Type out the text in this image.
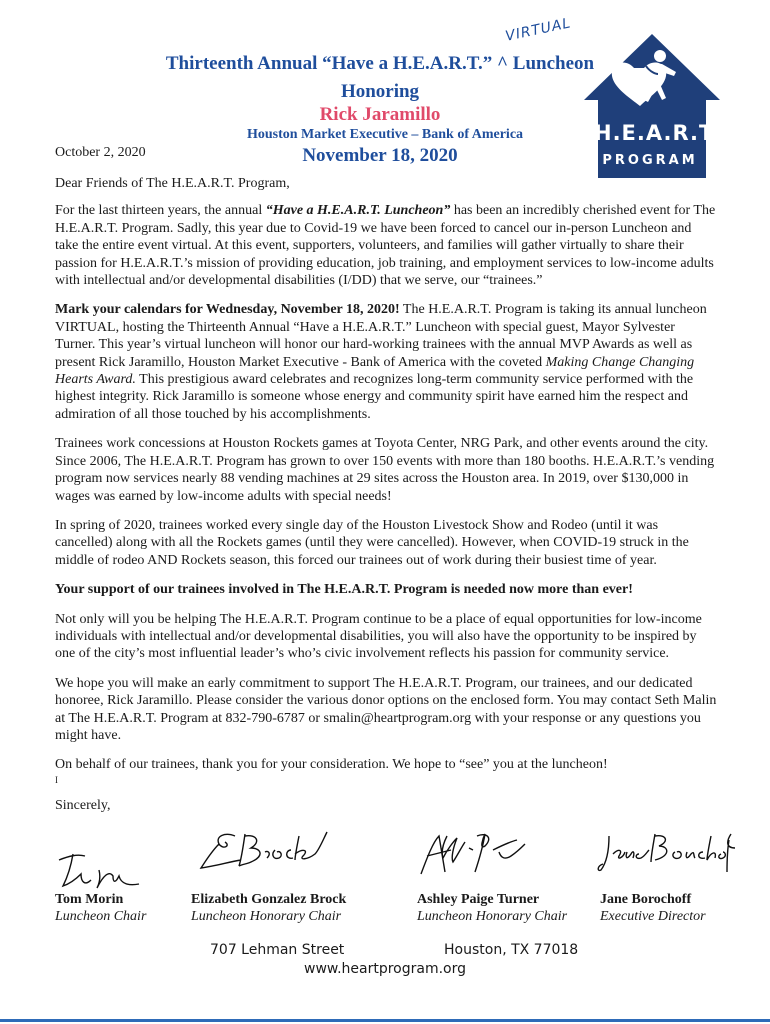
VIRTUAL
Thirteenth Annual “Have a H.E.A.R.T.” ^ Luncheon
Honoring
Rick Jaramillo
Houston Market Executive – Bank of America
November 18, 2020
October 2, 2020
H.E.A.R.T
PROGRAM

Dear Friends of The H.E.A.R.T. Program,

For the last thirteen years, the annual “Have a H.E.A.R.T. Luncheon” has been an incredibly cherished event for The H.E.A.R.T. Program. Sadly, this year due to Covid-19 we have been forced to cancel our in-person Luncheon and take the entire event virtual. At this event, supporters, volunteers, and families will gather virtually to share their passion for H.E.A.R.T.’s mission of providing education, job training, and employment services to low-income adults with intellectual and/or developmental disabilities (I/DD) that we serve, our “trainees.”

Mark your calendars for Wednesday, November 18, 2020! The H.E.A.R.T. Program is taking its annual luncheon VIRTUAL, hosting the Thirteenth Annual “Have a H.E.A.R.T.” Luncheon with special guest, Mayor Sylvester Turner. This year’s virtual luncheon will honor our hard-working trainees with the annual MVP Awards as well as present Rick Jaramillo, Houston Market Executive - Bank of America with the coveted Making Change Changing Hearts Award. This prestigious award celebrates and recognizes long-term community service performed with the highest integrity. Rick Jaramillo is someone whose energy and community spirit have earned him the respect and admiration of all those touched by his accomplishments.

Trainees work concessions at Houston Rockets games at Toyota Center, NRG Park, and other events around the city. Since 2006, The H.E.A.R.T. Program has grown to over 150 events with more than 180 booths. H.E.A.R.T.’s vending program now services nearly 88 vending machines at 29 sites across the Houston area. In 2019, over $130,000 in wages was earned by low-income adults with special needs!

In spring of 2020, trainees worked every single day of the Houston Livestock Show and Rodeo (until it was cancelled) along with all the Rockets games (until they were cancelled). However, when COVID-19 struck in the middle of rodeo AND Rockets season, this forced our trainees out of work during their busiest time of year.

Your support of our trainees involved in The H.E.A.R.T. Program is needed now more than ever!

Not only will you be helping The H.E.A.R.T. Program continue to be a place of equal opportunities for low-income individuals with intellectual and/or developmental disabilities, you will also have the opportunity to be inspired by one of the city’s most influential leader’s who’s civic involvement reflects his passion for community service.

We hope you will make an early commitment to support The H.E.A.R.T. Program, our trainees, and our dedicated honoree, Rick Jaramillo. Please consider the various donor options on the enclosed form. You may contact Seth Malin at The H.E.A.R.T. Program at 832-790-6787 or smalin@heartprogram.org with your response or any questions you might have.

On behalf of our trainees, thank you for your consideration. We hope to “see” you at the luncheon!

I

Sincerely,

Tom Morin
Luncheon Chair
Elizabeth Gonzalez Brock
Luncheon Honorary Chair
Ashley Paige Turner
Luncheon Honorary Chair
Jane Borochoff
Executive Director
707 Lehman Street	Houston, TX 77018
www.heartprogram.org
